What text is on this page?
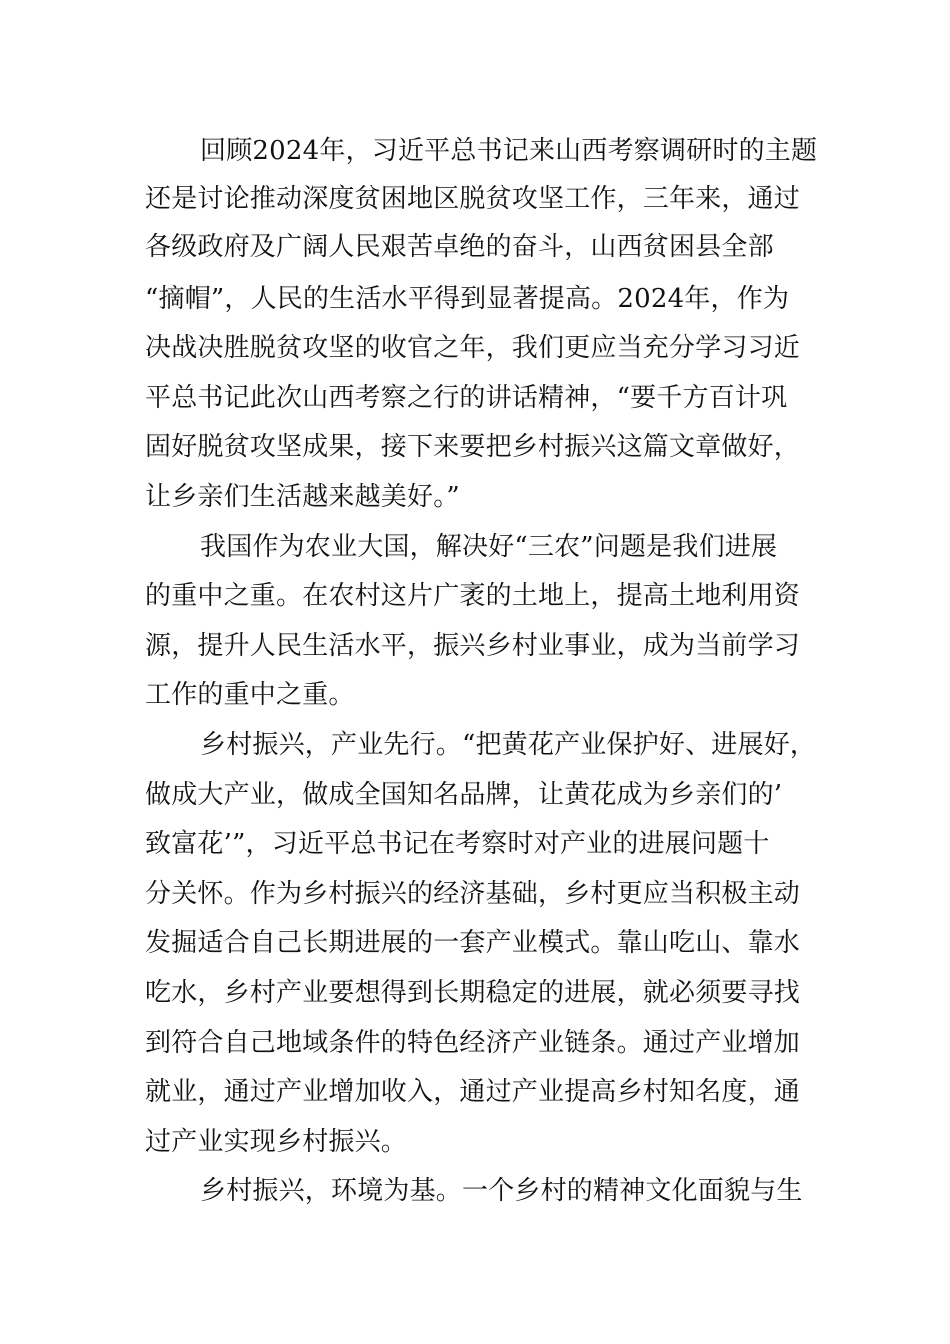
回顾2024年，习近平总书记来山西考察调研时的主题
还是讨论推动深度贫困地区脱贫攻坚工作，三年来，通过
各级政府及广阔人民艰苦卓绝的奋斗，山西贫困县全部
“摘帽”，人民的生活水平得到显著提高。2024年，作为
决战决胜脱贫攻坚的收官之年，我们更应当充分学习习近
平总书记此次山西考察之行的讲话精神，“要千方百计巩
固好脱贫攻坚成果，接下来要把乡村振兴这篇文章做好，
让乡亲们生活越来越美好。”
我国作为农业大国，解决好“三农”问题是我们进展
的重中之重。在农村这片广袤的土地上，提高土地利用资
源，提升人民生活水平，振兴乡村业事业，成为当前学习
工作的重中之重。
乡村振兴，产业先行。“把黄花产业保护好、进展好，
做成大产业，做成全国知名品牌，让黄花成为乡亲们的’
致富花’”，习近平总书记在考察时对产业的进展问题十
分关怀。作为乡村振兴的经济基础，乡村更应当积极主动
发掘适合自己长期进展的一套产业模式。靠山吃山、靠水
吃水，乡村产业要想得到长期稳定的进展，就必须要寻找
到符合自己地域条件的特色经济产业链条。通过产业增加
就业，通过产业增加收入，通过产业提高乡村知名度，通
过产业实现乡村振兴。
乡村振兴，环境为基。一个乡村的精神文化面貌与生
